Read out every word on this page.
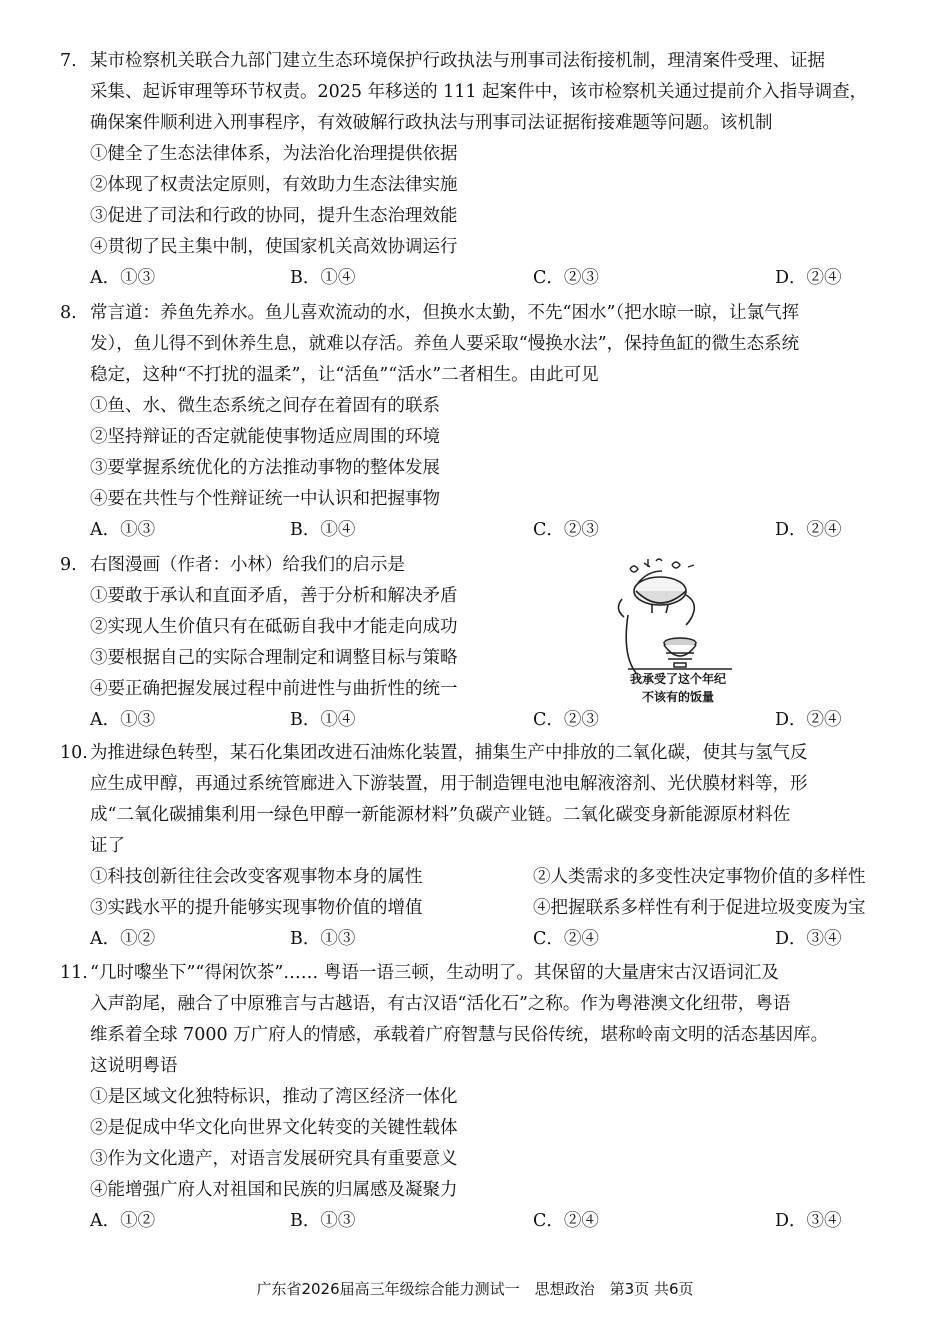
7. 某市检察机关联合九部门建立生态环境保护行政执法与刑事司法衔接机制，理清案件受理、证据
采集、起诉审理等环节权责。2025 年移送的 111 起案件中，该市检察机关通过提前介入指导调查，
确保案件顺利进入刑事程序，有效破解行政执法与刑事司法证据衔接难题等问题。该机制
①健全了生态法律体系，为法治化治理提供依据
②体现了权责法定原则，有效助力生态法律实施
③促进了司法和行政的协同，提升生态治理效能
④贯彻了民主集中制，使国家机关高效协调运行
A．①③	B．①④	C．②③	D．②④
8. 常言道：养鱼先养水。鱼儿喜欢流动的水，但换水太勤，不先“困水”（把水晾一晾，让氯气挥
发），鱼儿得不到休养生息，就难以存活。养鱼人要采取“慢换水法”，保持鱼缸的微生态系统
稳定，这种“不打扰的温柔”，让“活鱼”“活水”二者相生。由此可见
①鱼、水、微生态系统之间存在着固有的联系
②坚持辩证的否定就能使事物适应周围的环境
③要掌握系统优化的方法推动事物的整体发展
④要在共性与个性辩证统一中认识和把握事物
A．①③	B．①④	C．②③	D．②④
9. 右图漫画（作者：小林）给我们的启示是
①要敢于承认和直面矛盾，善于分析和解决矛盾
②实现人生价值只有在砥砺自我中才能走向成功
③要根据自己的实际合理制定和调整目标与策略
④要正确把握发展过程中前进性与曲折性的统一
A．①③	B．①④	C．②③	D．②④
我承受了这个年纪
不该有的饭量
10. 为推进绿色转型，某石化集团改进石油炼化装置，捕集生产中排放的二氧化碳，使其与氢气反
应生成甲醇，再通过系统管廊进入下游装置，用于制造锂电池电解液溶剂、光伏膜材料等，形
成“二氧化碳捕集利用一绿色甲醇一新能源材料”负碳产业链。二氧化碳变身新能源原材料佐
证了
①科技创新往往会改变客观事物本身的属性	②人类需求的多变性决定事物价值的多样性
③实践水平的提升能够实现事物价值的增值	④把握联系多样性有利于促进垃圾变废为宝
A．①②	B．①③	C．②④	D．③④
11. “几时嚟坐下”“得闲饮茶”…… 粤语一语三顿，生动明了。其保留的大量唐宋古汉语词汇及
入声韵尾，融合了中原雅言与古越语，有古汉语“活化石”之称。作为粤港澳文化纽带，粤语
维系着全球 7000 万广府人的情感，承载着广府智慧与民俗传统，堪称岭南文明的活态基因库。
这说明粤语
①是区域文化独特标识，推动了湾区经济一体化
②是促成中华文化向世界文化转变的关键性载体
③作为文化遗产，对语言发展研究具有重要意义
④能增强广府人对祖国和民族的归属感及凝聚力
A．①②	B．①③	C．②④	D．③④
广东省2026届高三年级综合能力测试一　思想政治　第3页 共6页
